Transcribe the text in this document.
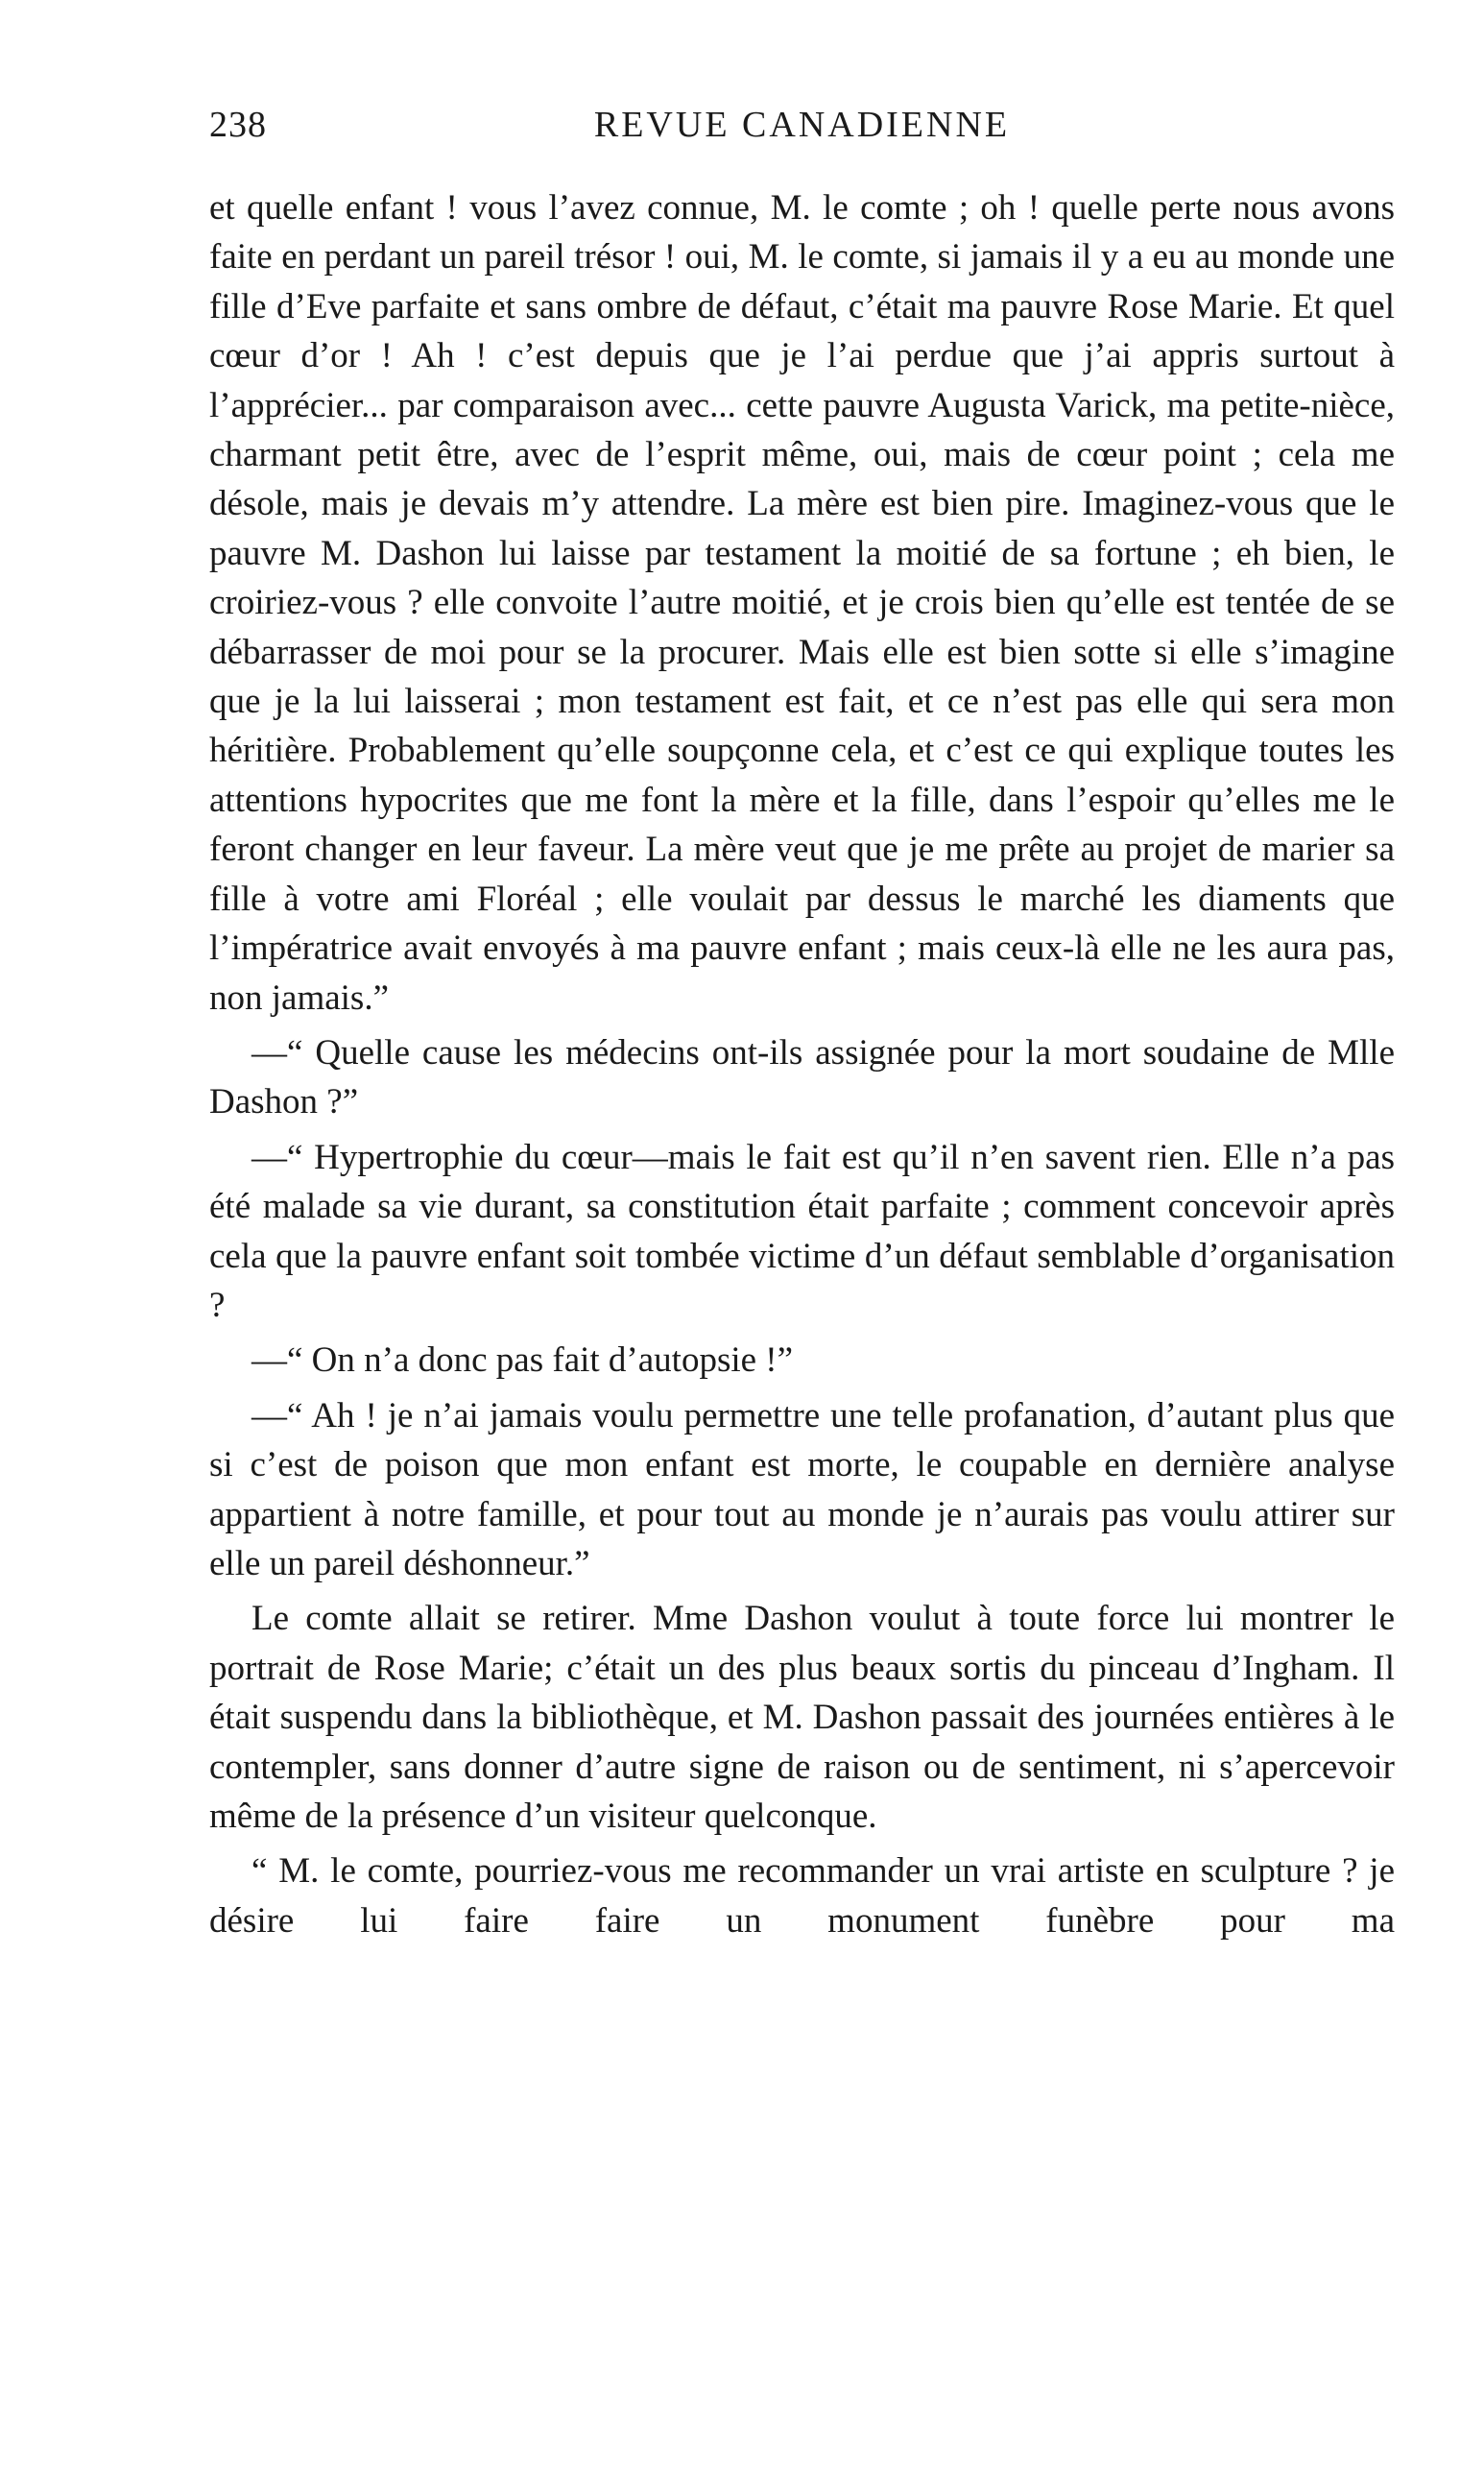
238	REVUE CANADIENNE

et quelle enfant ! vous l’avez connue, M. le comte ; oh ! quelle perte nous avons faite en perdant un pareil trésor ! oui, M. le comte, si jamais il y a eu au monde une fille d’Eve parfaite et sans ombre de défaut, c’était ma pauvre Rose Marie. Et quel cœur d’or ! Ah ! c’est depuis que je l’ai perdue que j’ai appris surtout à l’apprécier... par comparaison avec... cette pauvre Augusta Varick, ma petite-nièce, charmant petit être, avec de l’esprit même, oui, mais de cœur point ; cela me désole, mais je devais m’y attendre. La mère est bien pire. Imaginez-vous que le pauvre M. Dashon lui laisse par testament la moitié de sa fortune ; eh bien, le croiriez-vous ? elle convoite l’autre moitié, et je crois bien qu’elle est tentée de se débarrasser de moi pour se la procurer. Mais elle est bien sotte si elle s’imagine que je la lui laisserai ; mon testament est fait, et ce n’est pas elle qui sera mon héritière. Probablement qu’elle soupçonne cela, et c’est ce qui explique toutes les attentions hypocrites que me font la mère et la fille, dans l’espoir qu’elles me le feront changer en leur faveur. La mère veut que je me prête au projet de marier sa fille à votre ami Floréal ; elle voulait par dessus le marché les diaments que l’impératrice avait envoyés à ma pauvre enfant ; mais ceux-là elle ne les aura pas, non jamais.”

—“ Quelle cause les médecins ont-ils assignée pour la mort soudaine de Mlle Dashon ?”

—“ Hypertrophie du cœur—mais le fait est qu’il n’en savent rien. Elle n’a pas été malade sa vie durant, sa constitution était parfaite ; comment concevoir après cela que la pauvre enfant soit tombée victime d’un défaut semblable d’organisation ?

—“ On n’a donc pas fait d’autopsie !”

—“ Ah ! je n’ai jamais voulu permettre une telle profanation, d’autant plus que si c’est de poison que mon enfant est morte, le coupable en dernière analyse appartient à notre famille, et pour tout au monde je n’aurais pas voulu attirer sur elle un pareil déshonneur.”

Le comte allait se retirer. Mme Dashon voulut à toute force lui montrer le portrait de Rose Marie; c’était un des plus beaux sortis du pinceau d’Ingham. Il était suspendu dans la bibliothèque, et M. Dashon passait des journées entières à le contempler, sans donner d’autre signe de raison ou de sentiment, ni s’apercevoir même de la présence d’un visiteur quelconque.

“ M. le comte, pourriez-vous me recommander un vrai artiste en sculpture ? je désire lui faire faire un monument funèbre pour ma
